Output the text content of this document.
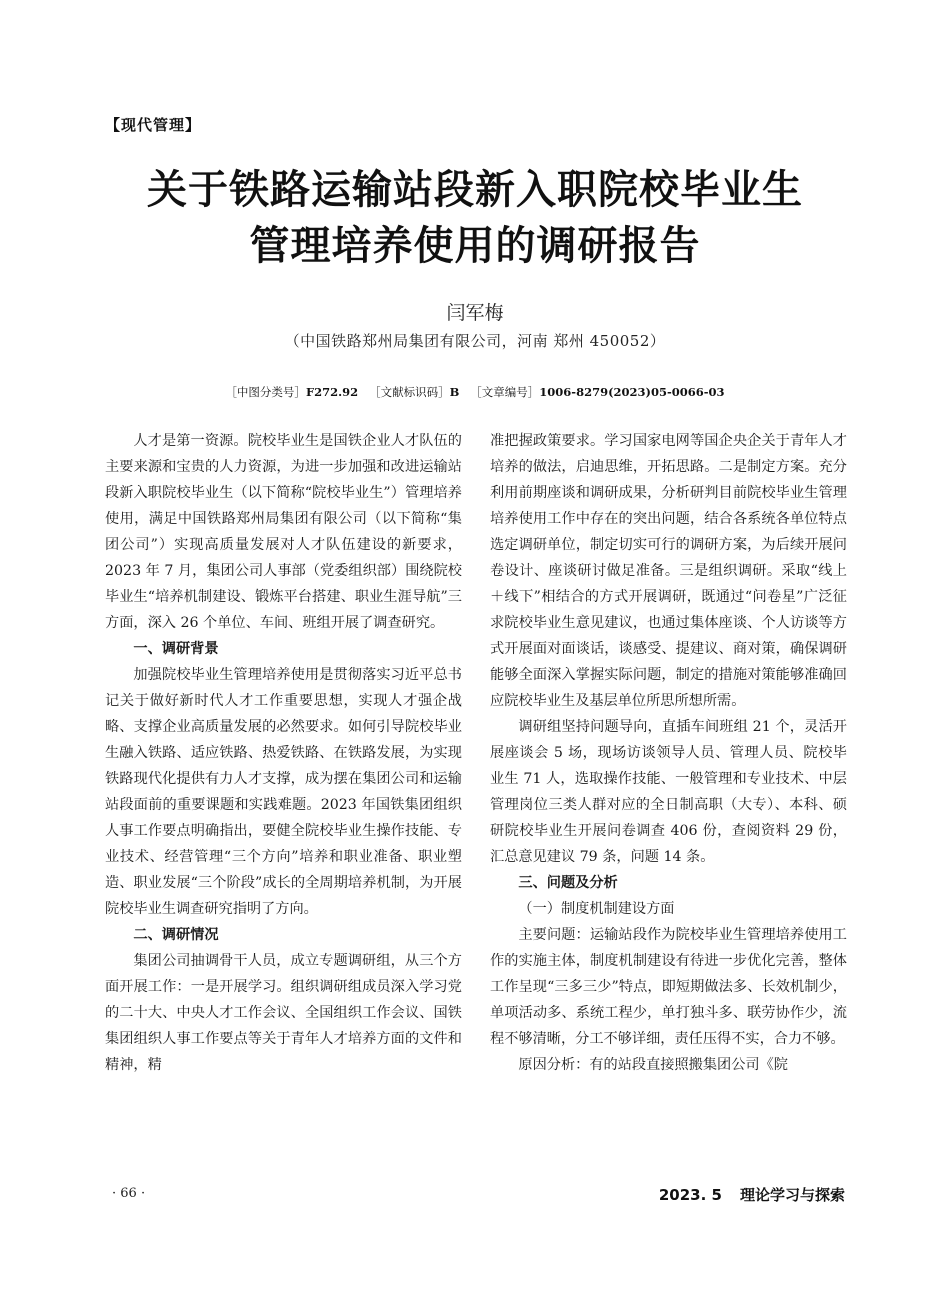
【现代管理】
关于铁路运输站段新入职院校毕业生
管理培养使用的调研报告
闫军梅
（中国铁路郑州局集团有限公司，河南 郑州 450052）
［中图分类号］F272.92 ［文献标识码］B ［文章编号］1006-8279(2023)05-0066-03

人才是第一资源。院校毕业生是国铁企业人才队伍的主要来源和宝贵的人力资源，为进一步加强和改进运输站段新入职院校毕业生（以下简称“院校毕业生”）管理培养使用，满足中国铁路郑州局集团有限公司（以下简称“集团公司”）实现高质量发展对人才队伍建设的新要求，2023 年 7 月，集团公司人事部（党委组织部）围绕院校毕业生“培养机制建设、锻炼平台搭建、职业生涯导航”三方面，深入 26 个单位、车间、班组开展了调查研究。

一、调研背景

加强院校毕业生管理培养使用是贯彻落实习近平总书记关于做好新时代人才工作重要思想，实现人才强企战略、支撑企业高质量发展的必然要求。如何引导院校毕业生融入铁路、适应铁路、热爱铁路、在铁路发展，为实现铁路现代化提供有力人才支撑，成为摆在集团公司和运输站段面前的重要课题和实践难题。2023 年国铁集团组织人事工作要点明确指出，要健全院校毕业生操作技能、专业技术、经营管理“三个方向”培养和职业准备、职业塑造、职业发展“三个阶段”成长的全周期培养机制，为开展院校毕业生调查研究指明了方向。

二、调研情况

集团公司抽调骨干人员，成立专题调研组，从三个方面开展工作：一是开展学习。组织调研组成员深入学习党的二十大、中央人才工作会议、全国组织工作会议、国铁集团组织人事工作要点等关于青年人才培养方面的文件和精神，精

准把握政策要求。学习国家电网等国企央企关于青年人才培养的做法，启迪思维，开拓思路。二是制定方案。充分利用前期座谈和调研成果，分析研判目前院校毕业生管理培养使用工作中存在的突出问题，结合各系统各单位特点选定调研单位，制定切实可行的调研方案，为后续开展问卷设计、座谈研讨做足准备。三是组织调研。采取“线上＋线下”相结合的方式开展调研，既通过“问卷星”广泛征求院校毕业生意见建议，也通过集体座谈、个人访谈等方式开展面对面谈话，谈感受、提建议、商对策，确保调研能够全面深入掌握实际问题，制定的措施对策能够准确回应院校毕业生及基层单位所思所想所需。

调研组坚持问题导向，直插车间班组 21 个，灵活开展座谈会 5 场，现场访谈领导人员、管理人员、院校毕业生 71 人，选取操作技能、一般管理和专业技术、中层管理岗位三类人群对应的全日制高职（大专）、本科、硕研院校毕业生开展问卷调查 406 份，查阅资料 29 份，汇总意见建议 79 条，问题 14 条。

三、问题及分析
（一）制度机制建设方面

主要问题：运输站段作为院校毕业生管理培养使用工作的实施主体，制度机制建设有待进一步优化完善，整体工作呈现“三多三少”特点，即短期做法多、长效机制少，单项活动多、系统工程少，单打独斗多、联劳协作少，流程不够清晰，分工不够详细，责任压得不实，合力不够。

原因分析：有的站段直接照搬集团公司《院

· 66 ·	2023. 5 理论学习与探索
